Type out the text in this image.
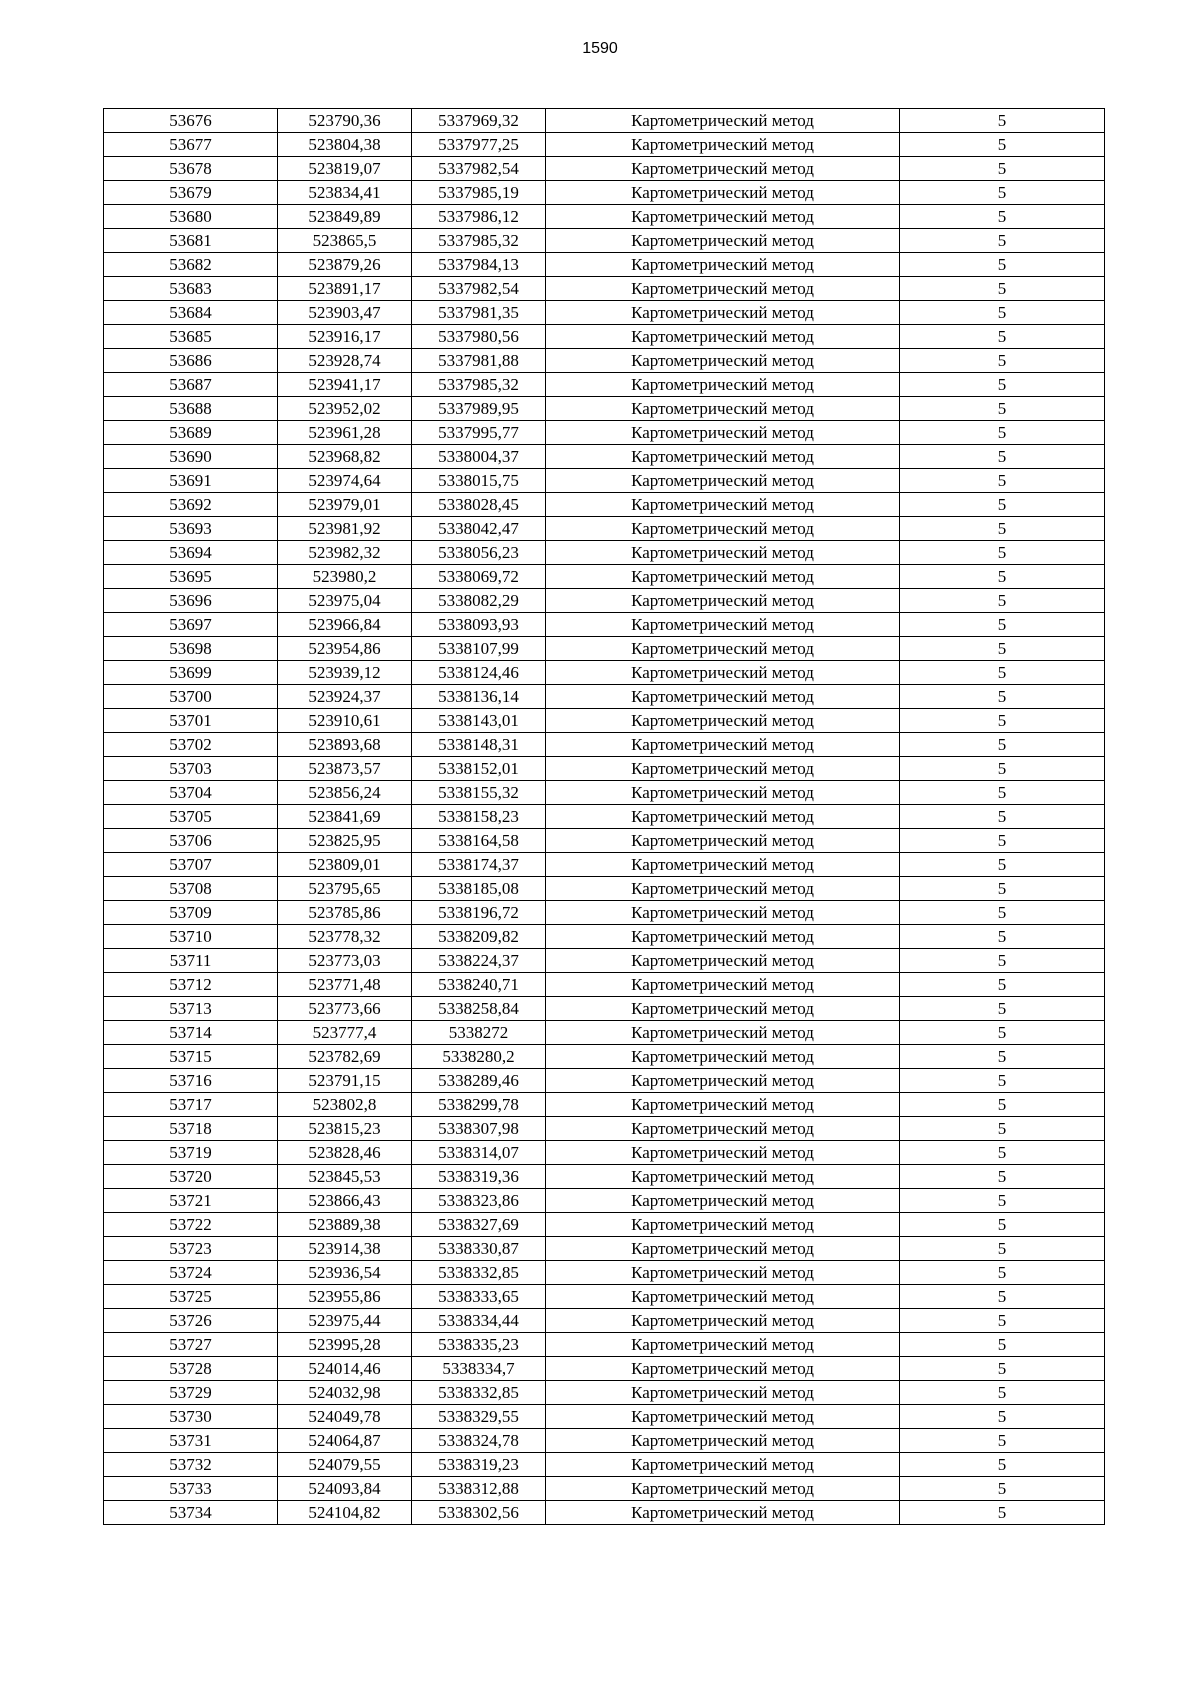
1590
53676	523790,36	5337969,32	Картометрический метод	5
53677	523804,38	5337977,25	Картометрический метод	5
53678	523819,07	5337982,54	Картометрический метод	5
53679	523834,41	5337985,19	Картометрический метод	5
53680	523849,89	5337986,12	Картометрический метод	5
53681	523865,5	5337985,32	Картометрический метод	5
53682	523879,26	5337984,13	Картометрический метод	5
53683	523891,17	5337982,54	Картометрический метод	5
53684	523903,47	5337981,35	Картометрический метод	5
53685	523916,17	5337980,56	Картометрический метод	5
53686	523928,74	5337981,88	Картометрический метод	5
53687	523941,17	5337985,32	Картометрический метод	5
53688	523952,02	5337989,95	Картометрический метод	5
53689	523961,28	5337995,77	Картометрический метод	5
53690	523968,82	5338004,37	Картометрический метод	5
53691	523974,64	5338015,75	Картометрический метод	5
53692	523979,01	5338028,45	Картометрический метод	5
53693	523981,92	5338042,47	Картометрический метод	5
53694	523982,32	5338056,23	Картометрический метод	5
53695	523980,2	5338069,72	Картометрический метод	5
53696	523975,04	5338082,29	Картометрический метод	5
53697	523966,84	5338093,93	Картометрический метод	5
53698	523954,86	5338107,99	Картометрический метод	5
53699	523939,12	5338124,46	Картометрический метод	5
53700	523924,37	5338136,14	Картометрический метод	5
53701	523910,61	5338143,01	Картометрический метод	5
53702	523893,68	5338148,31	Картометрический метод	5
53703	523873,57	5338152,01	Картометрический метод	5
53704	523856,24	5338155,32	Картометрический метод	5
53705	523841,69	5338158,23	Картометрический метод	5
53706	523825,95	5338164,58	Картометрический метод	5
53707	523809,01	5338174,37	Картометрический метод	5
53708	523795,65	5338185,08	Картометрический метод	5
53709	523785,86	5338196,72	Картометрический метод	5
53710	523778,32	5338209,82	Картометрический метод	5
53711	523773,03	5338224,37	Картометрический метод	5
53712	523771,48	5338240,71	Картометрический метод	5
53713	523773,66	5338258,84	Картометрический метод	5
53714	523777,4	5338272	Картометрический метод	5
53715	523782,69	5338280,2	Картометрический метод	5
53716	523791,15	5338289,46	Картометрический метод	5
53717	523802,8	5338299,78	Картометрический метод	5
53718	523815,23	5338307,98	Картометрический метод	5
53719	523828,46	5338314,07	Картометрический метод	5
53720	523845,53	5338319,36	Картометрический метод	5
53721	523866,43	5338323,86	Картометрический метод	5
53722	523889,38	5338327,69	Картометрический метод	5
53723	523914,38	5338330,87	Картометрический метод	5
53724	523936,54	5338332,85	Картометрический метод	5
53725	523955,86	5338333,65	Картометрический метод	5
53726	523975,44	5338334,44	Картометрический метод	5
53727	523995,28	5338335,23	Картометрический метод	5
53728	524014,46	5338334,7	Картометрический метод	5
53729	524032,98	5338332,85	Картометрический метод	5
53730	524049,78	5338329,55	Картометрический метод	5
53731	524064,87	5338324,78	Картометрический метод	5
53732	524079,55	5338319,23	Картометрический метод	5
53733	524093,84	5338312,88	Картометрический метод	5
53734	524104,82	5338302,56	Картометрический метод	5
